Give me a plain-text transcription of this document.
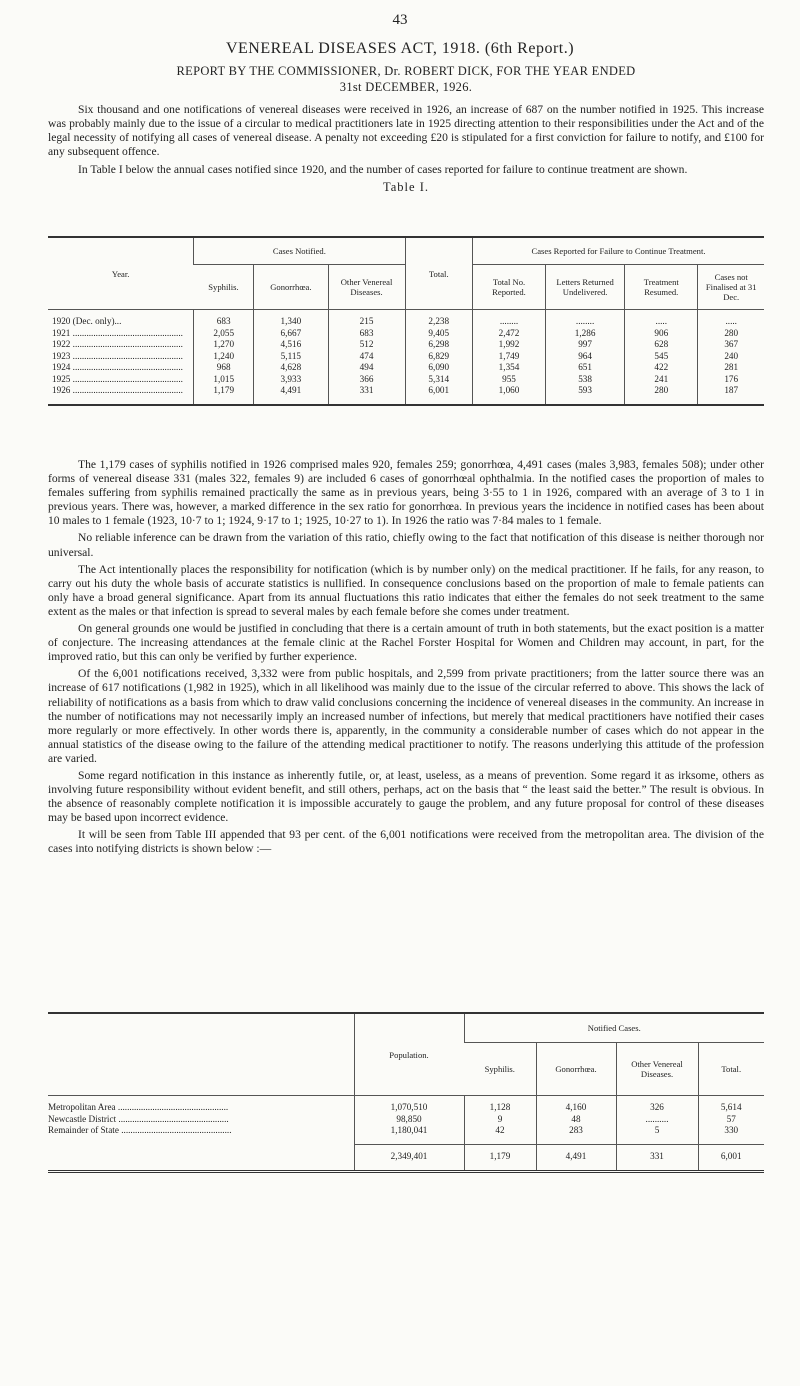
43
VENEREAL DISEASES ACT, 1918. (6th Report.)
REPORT BY THE COMMISSIONER, Dr. ROBERT DICK, FOR THE YEAR ENDED
31st DECEMBER, 1926.

Six thousand and one notifications of venereal diseases were received in 1926, an increase of 687 on the number notified in 1925. This increase was probably mainly due to the issue of a circular to medical practitioners late in 1925 directing attention to their responsibilities under the Act and of the legal necessity of notifying all cases of venereal disease. A penalty not exceeding £20 is stipulated for a first conviction for failure to notify, and £100 for any subsequent offence.

In Table I below the annual cases notified since 1920, and the number of cases reported for failure to continue treatment are shown.

Table I.
Year.	Cases Notified.			Total.	Cases Reported for Failure to Continue Treatment.			
	Syphilis.	Gonorrhœa.	Other Venereal Diseases.		Total No. Reported.	Letters Returned Undelivered.	Treatment Resumed.	Cases not Finalised at 31 Dec.
1920 (Dec. only)...	683	1,340	215	2,238	........	........	.....	.....
1921 .....	2,055	6,667	683	9,405	2,472	1,286	906	280
1922 .....	1,270	4,516	512	6,298	1,992	997	628	367
1923 .....	1,240	5,115	474	6,829	1,749	964	545	240
1924 .....	968	4,628	494	6,090	1,354	651	422	281
1925 .....	1,015	3,933	366	5,314	955	538	241	176
1926 .....	1,179	4,491	331	6,001	1,060	593	280	187

The 1,179 cases of syphilis notified in 1926 comprised males 920, females 259; gonorrhœa, 4,491 cases (males 3,983, females 508); under other forms of venereal disease 331 (males 322, females 9) are included 6 cases of gonorrhœal ophthalmia. In the notified cases the proportion of males to females suffering from syphilis remained practically the same as in previous years, being 3·55 to 1 in 1926, compared with an average of 3 to 1 in previous years. There was, however, a marked difference in the sex ratio for gonorrhœa. In previous years the incidence in notified cases has been about 10 males to 1 female (1923, 10·7 to 1; 1924, 9·17 to 1; 1925, 10·27 to 1). In 1926 the ratio was 7·84 males to 1 female.

No reliable inference can be drawn from the variation of this ratio, chiefly owing to the fact that notification of this disease is neither thorough nor universal.

The Act intentionally places the responsibility for notification (which is by number only) on the medical practitioner. If he fails, for any reason, to carry out his duty the whole basis of accurate statistics is nullified. In consequence conclusions based on the proportion of male to female patients can only have a broad general significance. Apart from its annual fluctuations this ratio indicates that either the females do not seek treatment to the same extent as the males or that infection is spread to several males by each female before she comes under treatment.

On general grounds one would be justified in concluding that there is a certain amount of truth in both statements, but the exact position is a matter of conjecture. The increasing attendances at the female clinic at the Rachel Forster Hospital for Women and Children may account, in part, for the improved ratio, but this can only be verified by further experience.

Of the 6,001 notifications received, 3,332 were from public hospitals, and 2,599 from private practitioners; from the latter source there was an increase of 617 notifications (1,982 in 1925), which in all likelihood was mainly due to the issue of the circular referred to above. This shows the lack of reliability of notifications as a basis from which to draw valid conclusions concerning the incidence of venereal diseases in the community. An increase in the number of notifications may not necessarily imply an increased number of infections, but merely that medical practitioners have notified their cases more regularly or more effectively. In other words there is, apparently, in the community a considerable number of cases which do not appear in the annual statistics of the disease owing to the failure of the attending medical practitioner to notify. The reasons underlying this attitude of the profession are varied.

Some regard notification in this instance as inherently futile, or, at least, useless, as a means of prevention. Some regard it as irksome, others as involving future responsibility without evident benefit, and still others, perhaps, act on the basis that “ the least said the better.” The result is obvious. In the absence of reasonably complete notification it is impossible accurately to gauge the problem, and any future proposal for control of these diseases may be based upon incorrect evidence.

It will be seen from Table III appended that 93 per cent. of the 6,001 notifications were received from the metropolitan area. The division of the cases into notifying districts is shown below :—

	Population.	Notified Cases.			
		Syphilis.	Gonorrhœa.	Other Venereal Diseases.	Total.
Metropolitan Area .....	1,070,510	1,128	4,160	326	5,614
Newcastle District .....	98,850	9	48	..........	57
Remainder of State .....	1,180,041	42	283	5	330
	2,349,401	1,179	4,491	331	6,001
